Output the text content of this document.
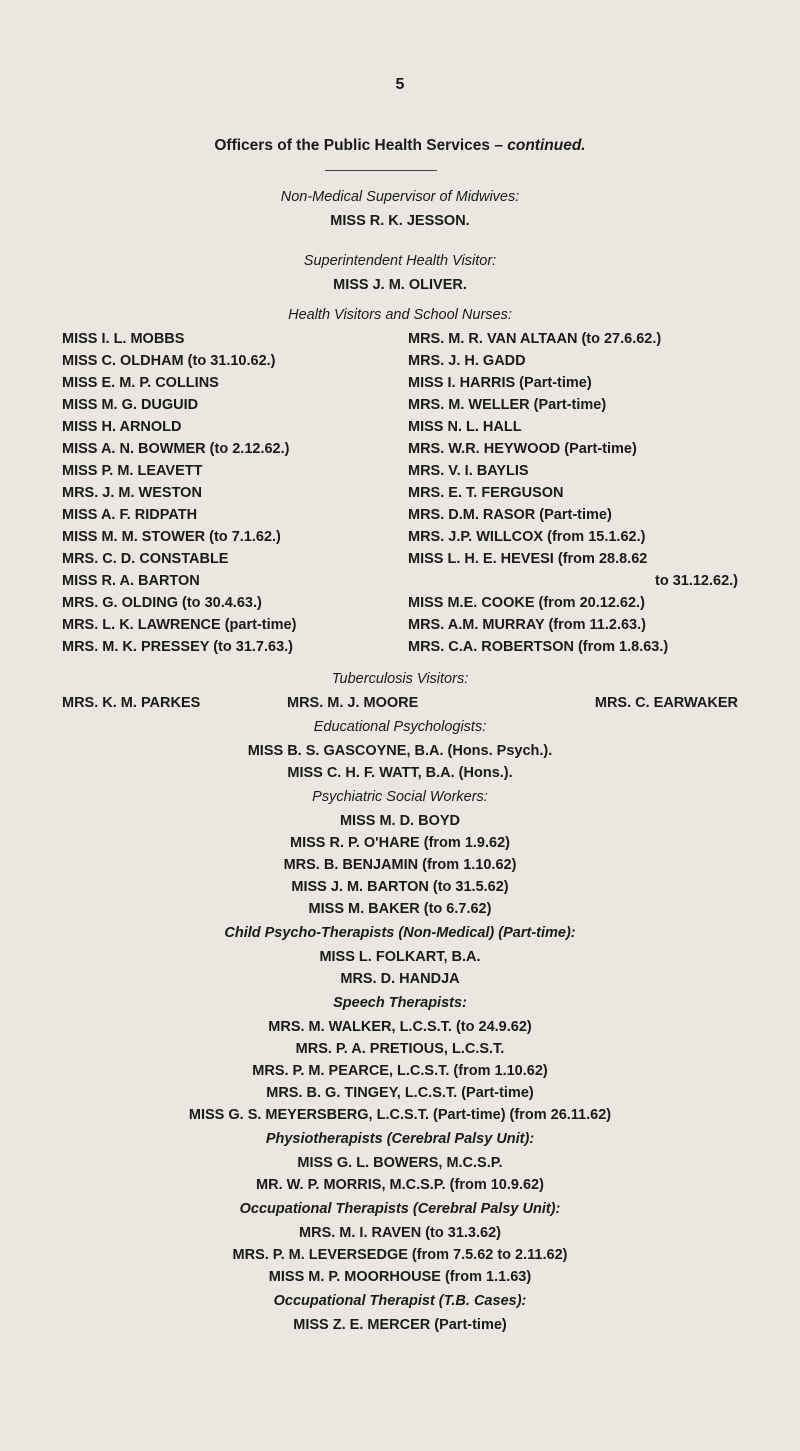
5
Officers of the Public Health Services – continued.
Non-Medical Supervisor of Midwives:
MISS R. K. JESSON.
Superintendent Health Visitor:
MISS J. M. OLIVER.
Health Visitors and School Nurses:
MISS I. L. MOBBS
MISS C. OLDHAM (to 31.10.62.)
MISS E. M. P. COLLINS
MISS M. G. DUGUID
MISS H. ARNOLD
MISS A. N. BOWMER (to 2.12.62.)
MISS P. M. LEAVETT
MRS. J. M. WESTON
MISS A. F. RIDPATH
MISS M. M. STOWER (to 7.1.62.)
MRS. C. D. CONSTABLE
MISS R. A. BARTON
MRS. G. OLDING (to 30.4.63.)
MRS. L. K. LAWRENCE (part-time)
MRS. M. K. PRESSEY (to 31.7.63.)
MRS. M. R. VAN ALTAAN (to 27.6.62.)
MRS. J. H. GADD
MISS I. HARRIS (Part-time)
MRS. M. WELLER (Part-time)
MISS N. L. HALL
MRS. W.R. HEYWOOD (Part-time)
MRS. V. I. BAYLIS
MRS. E. T. FERGUSON
MRS. D.M. RASOR (Part-time)
MRS. J.P. WILLCOX (from 15.1.62.)
MISS L. H. E. HEVESI (from 28.8.62
to 31.12.62.)
MISS M.E. COOKE (from 20.12.62.)
MRS. A.M. MURRAY (from 11.2.63.)
MRS. C.A. ROBERTSON (from 1.8.63.)
Tuberculosis Visitors:
MRS. K. M. PARKES	MRS. M. J. MOORE	MRS. C. EARWAKER
Educational Psychologists:
MISS B. S. GASCOYNE, B.A. (Hons. Psych.).
MISS C. H. F. WATT, B.A. (Hons.).
Psychiatric Social Workers:
MISS M. D. BOYD
MISS R. P. O'HARE (from 1.9.62)
MRS. B. BENJAMIN (from 1.10.62)
MISS J. M. BARTON (to 31.5.62)
MISS M. BAKER (to 6.7.62)
Child Psycho-Therapists (Non-Medical) (Part-time):
MISS L. FOLKART, B.A.
MRS. D. HANDJA
Speech Therapists:
MRS. M. WALKER, L.C.S.T. (to 24.9.62)
MRS. P. A. PRETIOUS, L.C.S.T.
MRS. P. M. PEARCE, L.C.S.T. (from 1.10.62)
MRS. B. G. TINGEY, L.C.S.T. (Part-time)
MISS G. S. MEYERSBERG, L.C.S.T. (Part-time) (from 26.11.62)
Physiotherapists (Cerebral Palsy Unit):
MISS G. L. BOWERS, M.C.S.P.
MR. W. P. MORRIS, M.C.S.P. (from 10.9.62)
Occupational Therapists (Cerebral Palsy Unit):
MRS. M. I. RAVEN (to 31.3.62)
MRS. P. M. LEVERSEDGE (from 7.5.62 to 2.11.62)
MISS M. P. MOORHOUSE (from 1.1.63)
Occupational Therapist (T.B. Cases):
MISS Z. E. MERCER (Part-time)
